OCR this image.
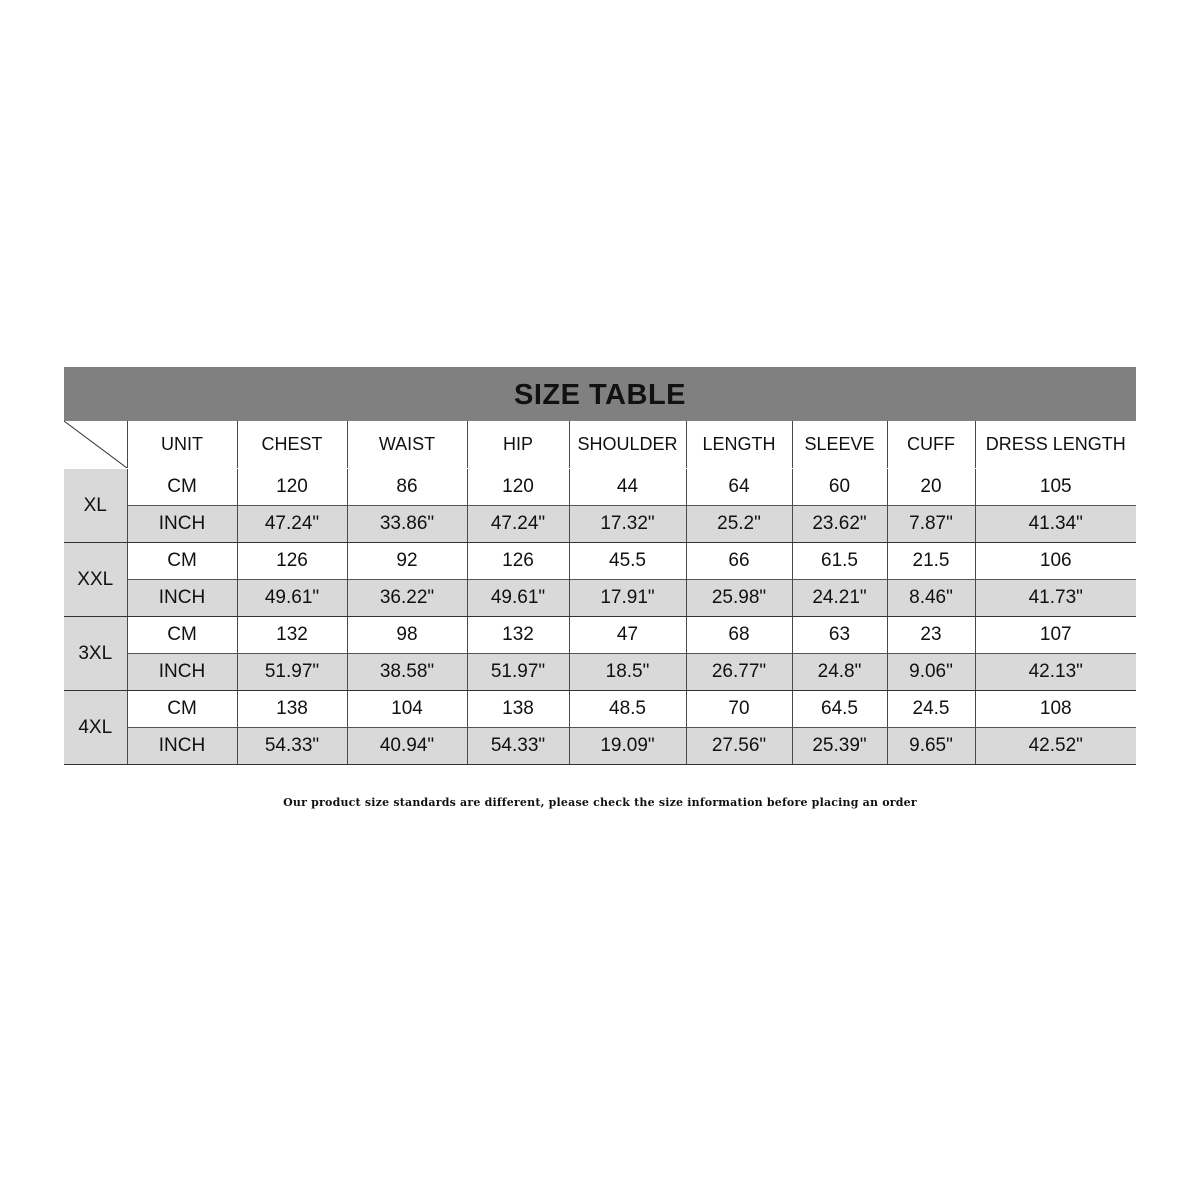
SIZE TABLE
	UNIT	CHEST	WAIST	HIP	SHOULDER	LENGTH	SLEEVE	CUFF	DRESS LENGTH
XL	CM	120	86	120	44	64	60	20	105
	INCH	47.24"	33.86"	47.24"	17.32"	25.2"	23.62"	7.87"	41.34"
XXL	CM	126	92	126	45.5	66	61.5	21.5	106
	INCH	49.61"	36.22"	49.61"	17.91"	25.98"	24.21"	8.46"	41.73"
3XL	CM	132	98	132	47	68	63	23	107
	INCH	51.97"	38.58"	51.97"	18.5"	26.77"	24.8"	9.06"	42.13"
4XL	CM	138	104	138	48.5	70	64.5	24.5	108
	INCH	54.33"	40.94"	54.33"	19.09"	27.56"	25.39"	9.65"	42.52"
Our product size standards are different, please check the size information before placing an order
